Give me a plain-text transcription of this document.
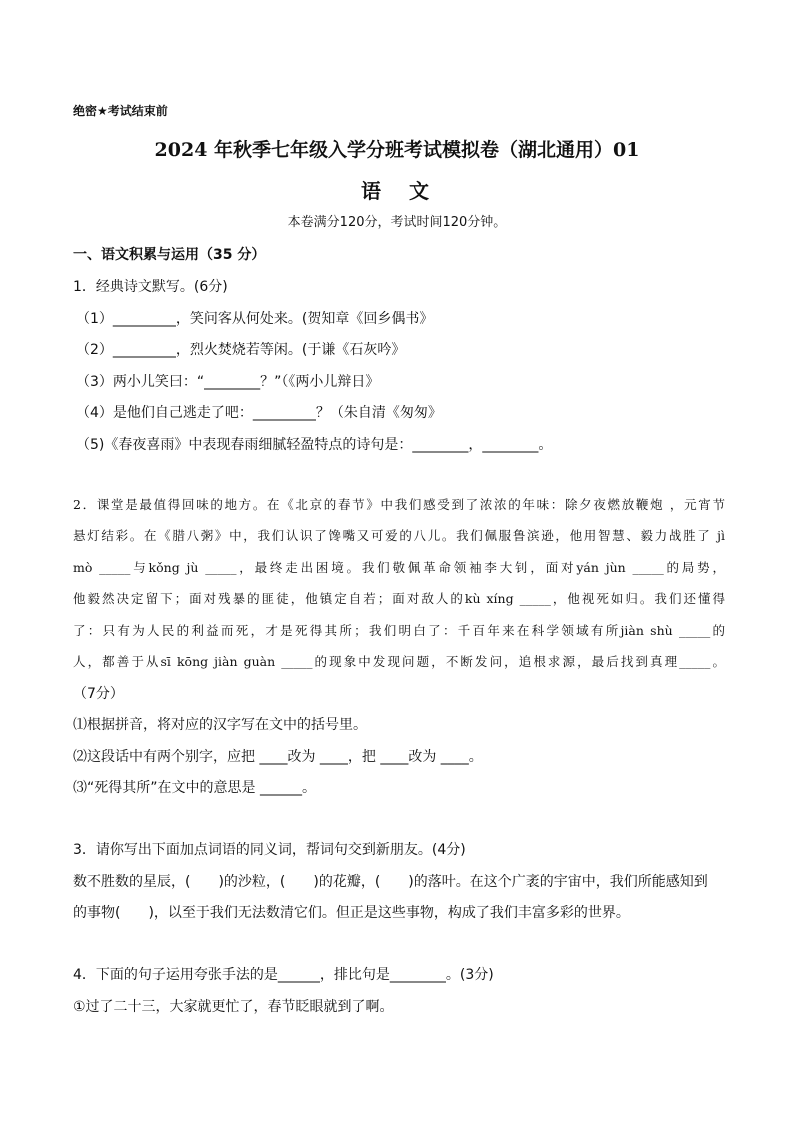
绝密★考试结束前
2024 年秋季七年级入学分班考试模拟卷（湖北通用）01
语　文
本卷满分120分，考试时间120分钟。
一、语文积累与运用（35 分）
1．经典诗文默写。(6分)
（1）_________，笑问客从何处来。(贺知章《回乡偶书》
（2）_________，烈火焚烧若等闲。(于谦《石灰吟》
（3）两小儿笑曰：“________？”（《两小儿辩日》
（4）是他们自己逃走了吧：_________？（朱自清《匆匆》
（5)《春夜喜雨》中表现春雨细腻轻盈特点的诗句是：________，________。
2．课堂是最值得回味的地方。在《北京的春节》中我们感受到了浓浓的年味：除夕夜燃放鞭炮 ，元宵节
悬灯结彩。在《腊八粥》中，我们认识了馋嘴又可爱的八儿。我们佩服鲁滨逊，他用智慧、毅力战胜了 jì
mò _____与kǒng jù _____，最终走出困境。我们敬佩革命领袖李大钊，面对yán jùn _____的局势，
他毅然决定留下；面对残暴的匪徒，他镇定自若；面对敌人的kù xíng _____，他视死如归。我们还懂得
了：只有为人民的利益而死，才是死得其所；我们明白了：千百年来在科学领域有所jiàn shù _____的
人，都善于从sī kōng jiàn guàn _____的现象中发现问题，不断发问，追根求源，最后找到真理_____。
（7分）
⑴根据拼音，将对应的汉字写在文中的括号里。
⑵这段话中有两个别字，应把 ____改为 ____，把 ____改为 ____。
⑶“死得其所”在文中的意思是 ______。
3．请你写出下面加点词语的同义词，帮词句交到新朋友。(4分)
数不胜数的星辰，(　　)的沙粒，(　　)的花瓣，(　　)的落叶。在这个广袤的宇宙中，我们所能感知到
的事物(　　)，以至于我们无法数清它们。但正是这些事物，构成了我们丰富多彩的世界。
4．下面的句子运用夸张手法的是______，排比句是________。(3分)
①过了二十三，大家就更忙了，春节眨眼就到了啊。
